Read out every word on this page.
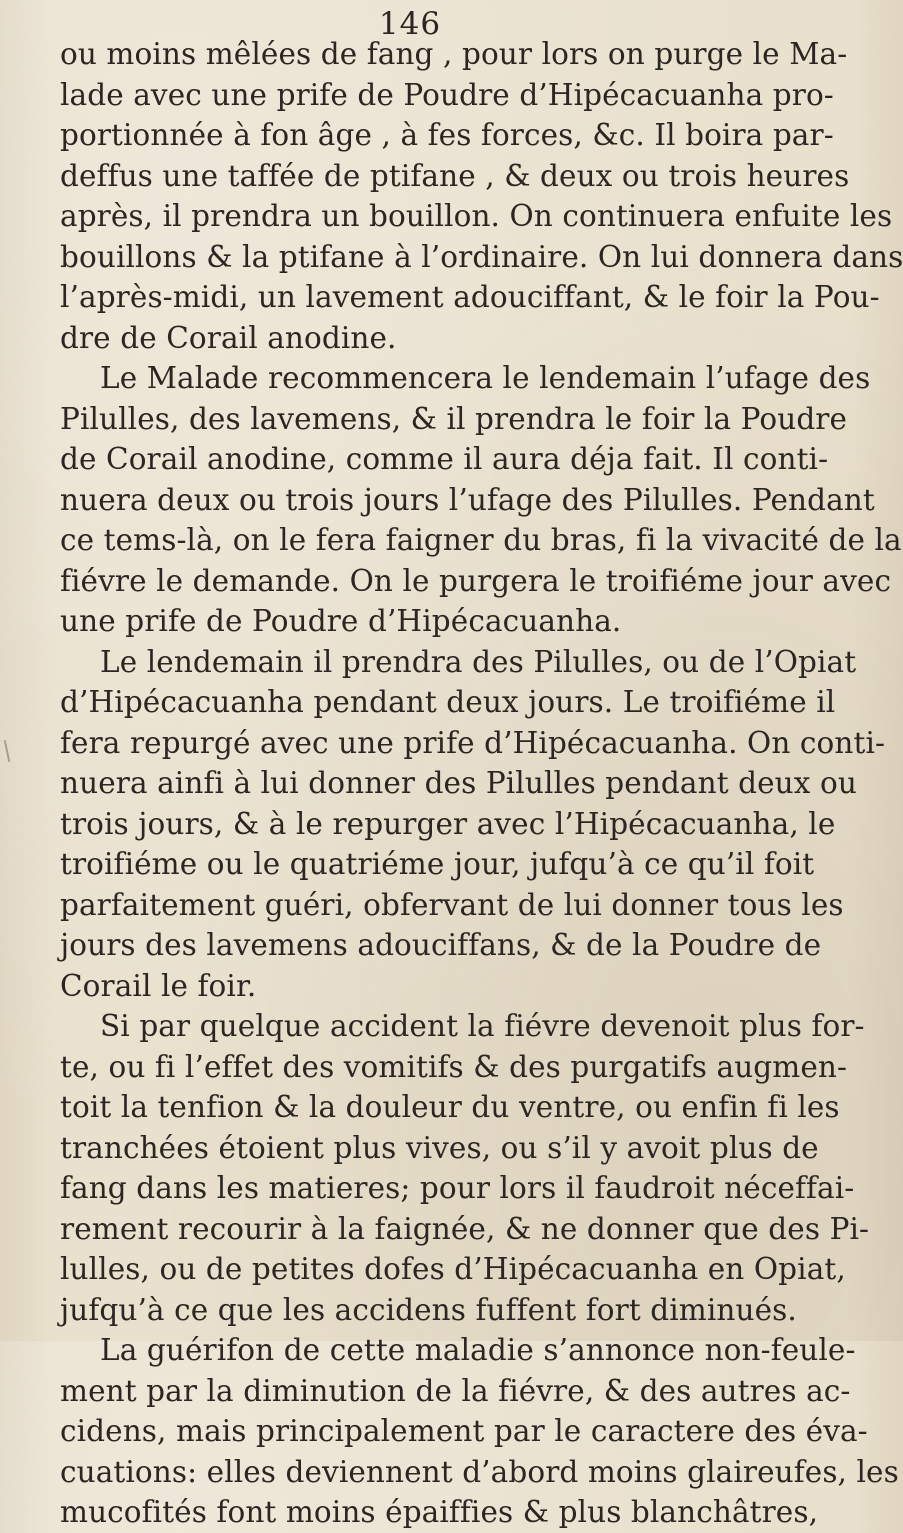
146
ou moins mêlées de fang , pour lors on purge le Ma-
lade avec une prife de Poudre d’Hipécacuanha pro-
portionnée à fon âge , à fes forces, &c. Il boira par-
deffus une taffée de ptifane , & deux ou trois heures
après, il prendra un bouillon. On continuera enfuite les
bouillons & la ptifane à l’ordinaire. On lui donnera dans
l’après-midi, un lavement adouciffant, & le foir la Pou-
dre de Corail anodine.
Le Malade recommencera le lendemain l’ufage des
Pilulles, des lavemens, & il prendra le foir la Poudre
de Corail anodine, comme il aura déja fait. Il conti-
nuera deux ou trois jours l’ufage des Pilulles. Pendant
ce tems-là, on le fera faigner du bras, fi la vivacité de la
fiévre le demande. On le purgera le troifiéme jour avec
une prife de Poudre d’Hipécacuanha.
Le lendemain il prendra des Pilulles, ou de l’Opiat
d’Hipécacuanha pendant deux jours. Le troifiéme il
fera repurgé avec une prife d’Hipécacuanha. On conti-
nuera ainfi à lui donner des Pilulles pendant deux ou
trois jours, & à le repurger avec l’Hipécacuanha, le
troifiéme ou le quatriéme jour, jufqu’à ce qu’il foit
parfaitement guéri, obfervant de lui donner tous les
jours des lavemens adouciffans, & de la Poudre de
Corail le foir.
Si par quelque accident la fiévre devenoit plus for-
te, ou fi l’effet des vomitifs & des purgatifs augmen-
toit la tenfion & la douleur du ventre, ou enfin fi les
tranchées étoient plus vives, ou s’il y avoit plus de
fang dans les matieres; pour lors il faudroit néceffai-
rement recourir à la faignée, & ne donner que des Pi-
lulles, ou de petites dofes d’Hipécacuanha en Opiat,
jufqu’à ce que les accidens fuffent fort diminués.
La guérifon de cette maladie s’annonce non-feule-
ment par la diminution de la fiévre, & des autres ac-
cidens, mais principalement par le caractere des éva-
cuations: elles deviennent d’abord moins glaireufes, les
mucofités font moins épaiffies & plus blanchâtres,
